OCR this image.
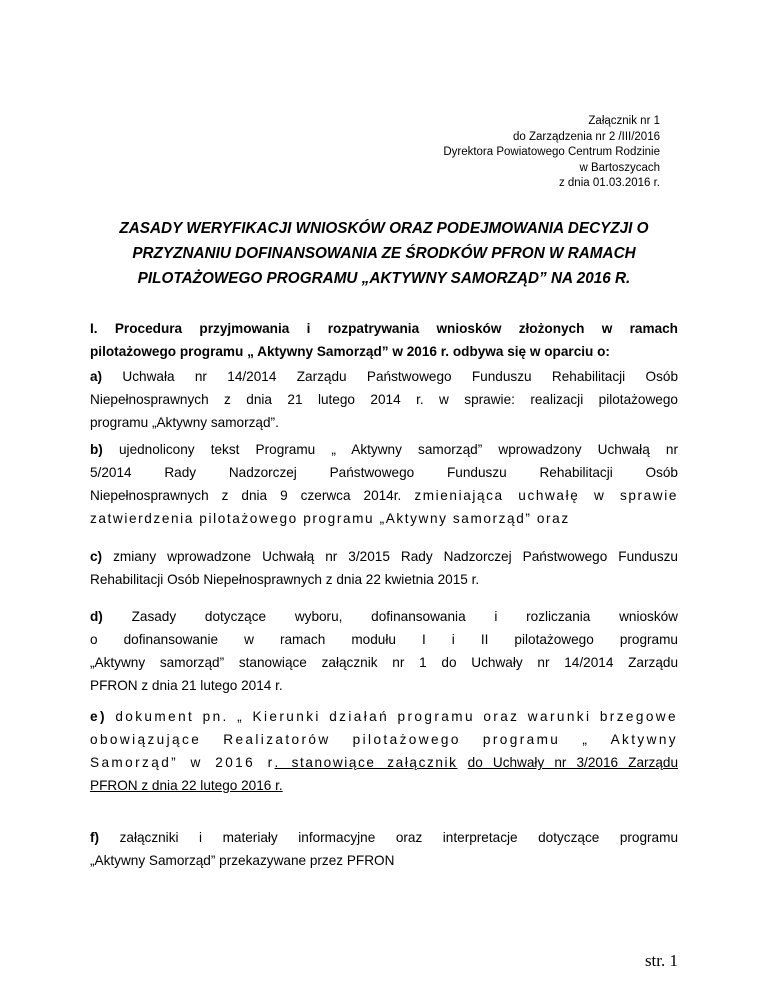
Załącznik nr 1
do Zarządzenia nr 2 /III/2016
Dyrektora Powiatowego Centrum Rodzinie
w Bartoszycach
z dnia 01.03.2016 r.
ZASADY WERYFIKACJI WNIOSKÓW ORAZ PODEJMOWANIA DECYZJI O
PRZYZNANIU DOFINANSOWANIA ZE ŚRODKÓW PFRON W RAMACH
PILOTAŻOWEGO PROGRAMU „AKTYWNY SAMORZĄD” NA 2016 R.
I. Procedura przyjmowania i rozpatrywania wniosków złożonych w ramach
pilotażowego programu „ Aktywny Samorząd” w 2016 r. odbywa się w oparciu o:
a) Uchwała nr 14/2014 Zarządu Państwowego Funduszu Rehabilitacji Osób
Niepełnosprawnych z dnia 21 lutego 2014 r. w sprawie: realizacji pilotażowego
programu „Aktywny samorząd”.
b) ujednolicony tekst Programu „ Aktywny samorząd” wprowadzony Uchwałą nr
5/2014 Rady Nadzorczej Państwowego Funduszu Rehabilitacji Osób
Niepełnosprawnych z dnia 9 czerwca 2014r. zmieniająca uchwałę w sprawie
zatwierdzenia pilotażowego programu „Aktywny samorząd” oraz
c) zmiany wprowadzone Uchwałą nr 3/2015 Rady Nadzorczej Państwowego Funduszu
Rehabilitacji Osób Niepełnosprawnych z dnia 22 kwietnia 2015 r.
d) Zasady dotyczące wyboru, dofinansowania i rozliczania wniosków
o dofinansowanie w ramach modułu I i II pilotażowego programu
„Aktywny samorząd” stanowiące załącznik nr 1 do Uchwały nr 14/2014 Zarządu
PFRON z dnia 21 lutego 2014 r.
e) dokument pn. „ Kierunki działań programu oraz warunki brzegowe
obowiązujące Realizatorów pilotażowego programu „ Aktywny
Samorząd” w 2016 r. stanowiące załącznik do Uchwały nr 3/2016 Zarządu
PFRON z dnia 22 lutego 2016 r.
f) załączniki i materiały informacyjne oraz interpretacje dotyczące programu
„Aktywny Samorząd” przekazywane przez PFRON
str. 1
